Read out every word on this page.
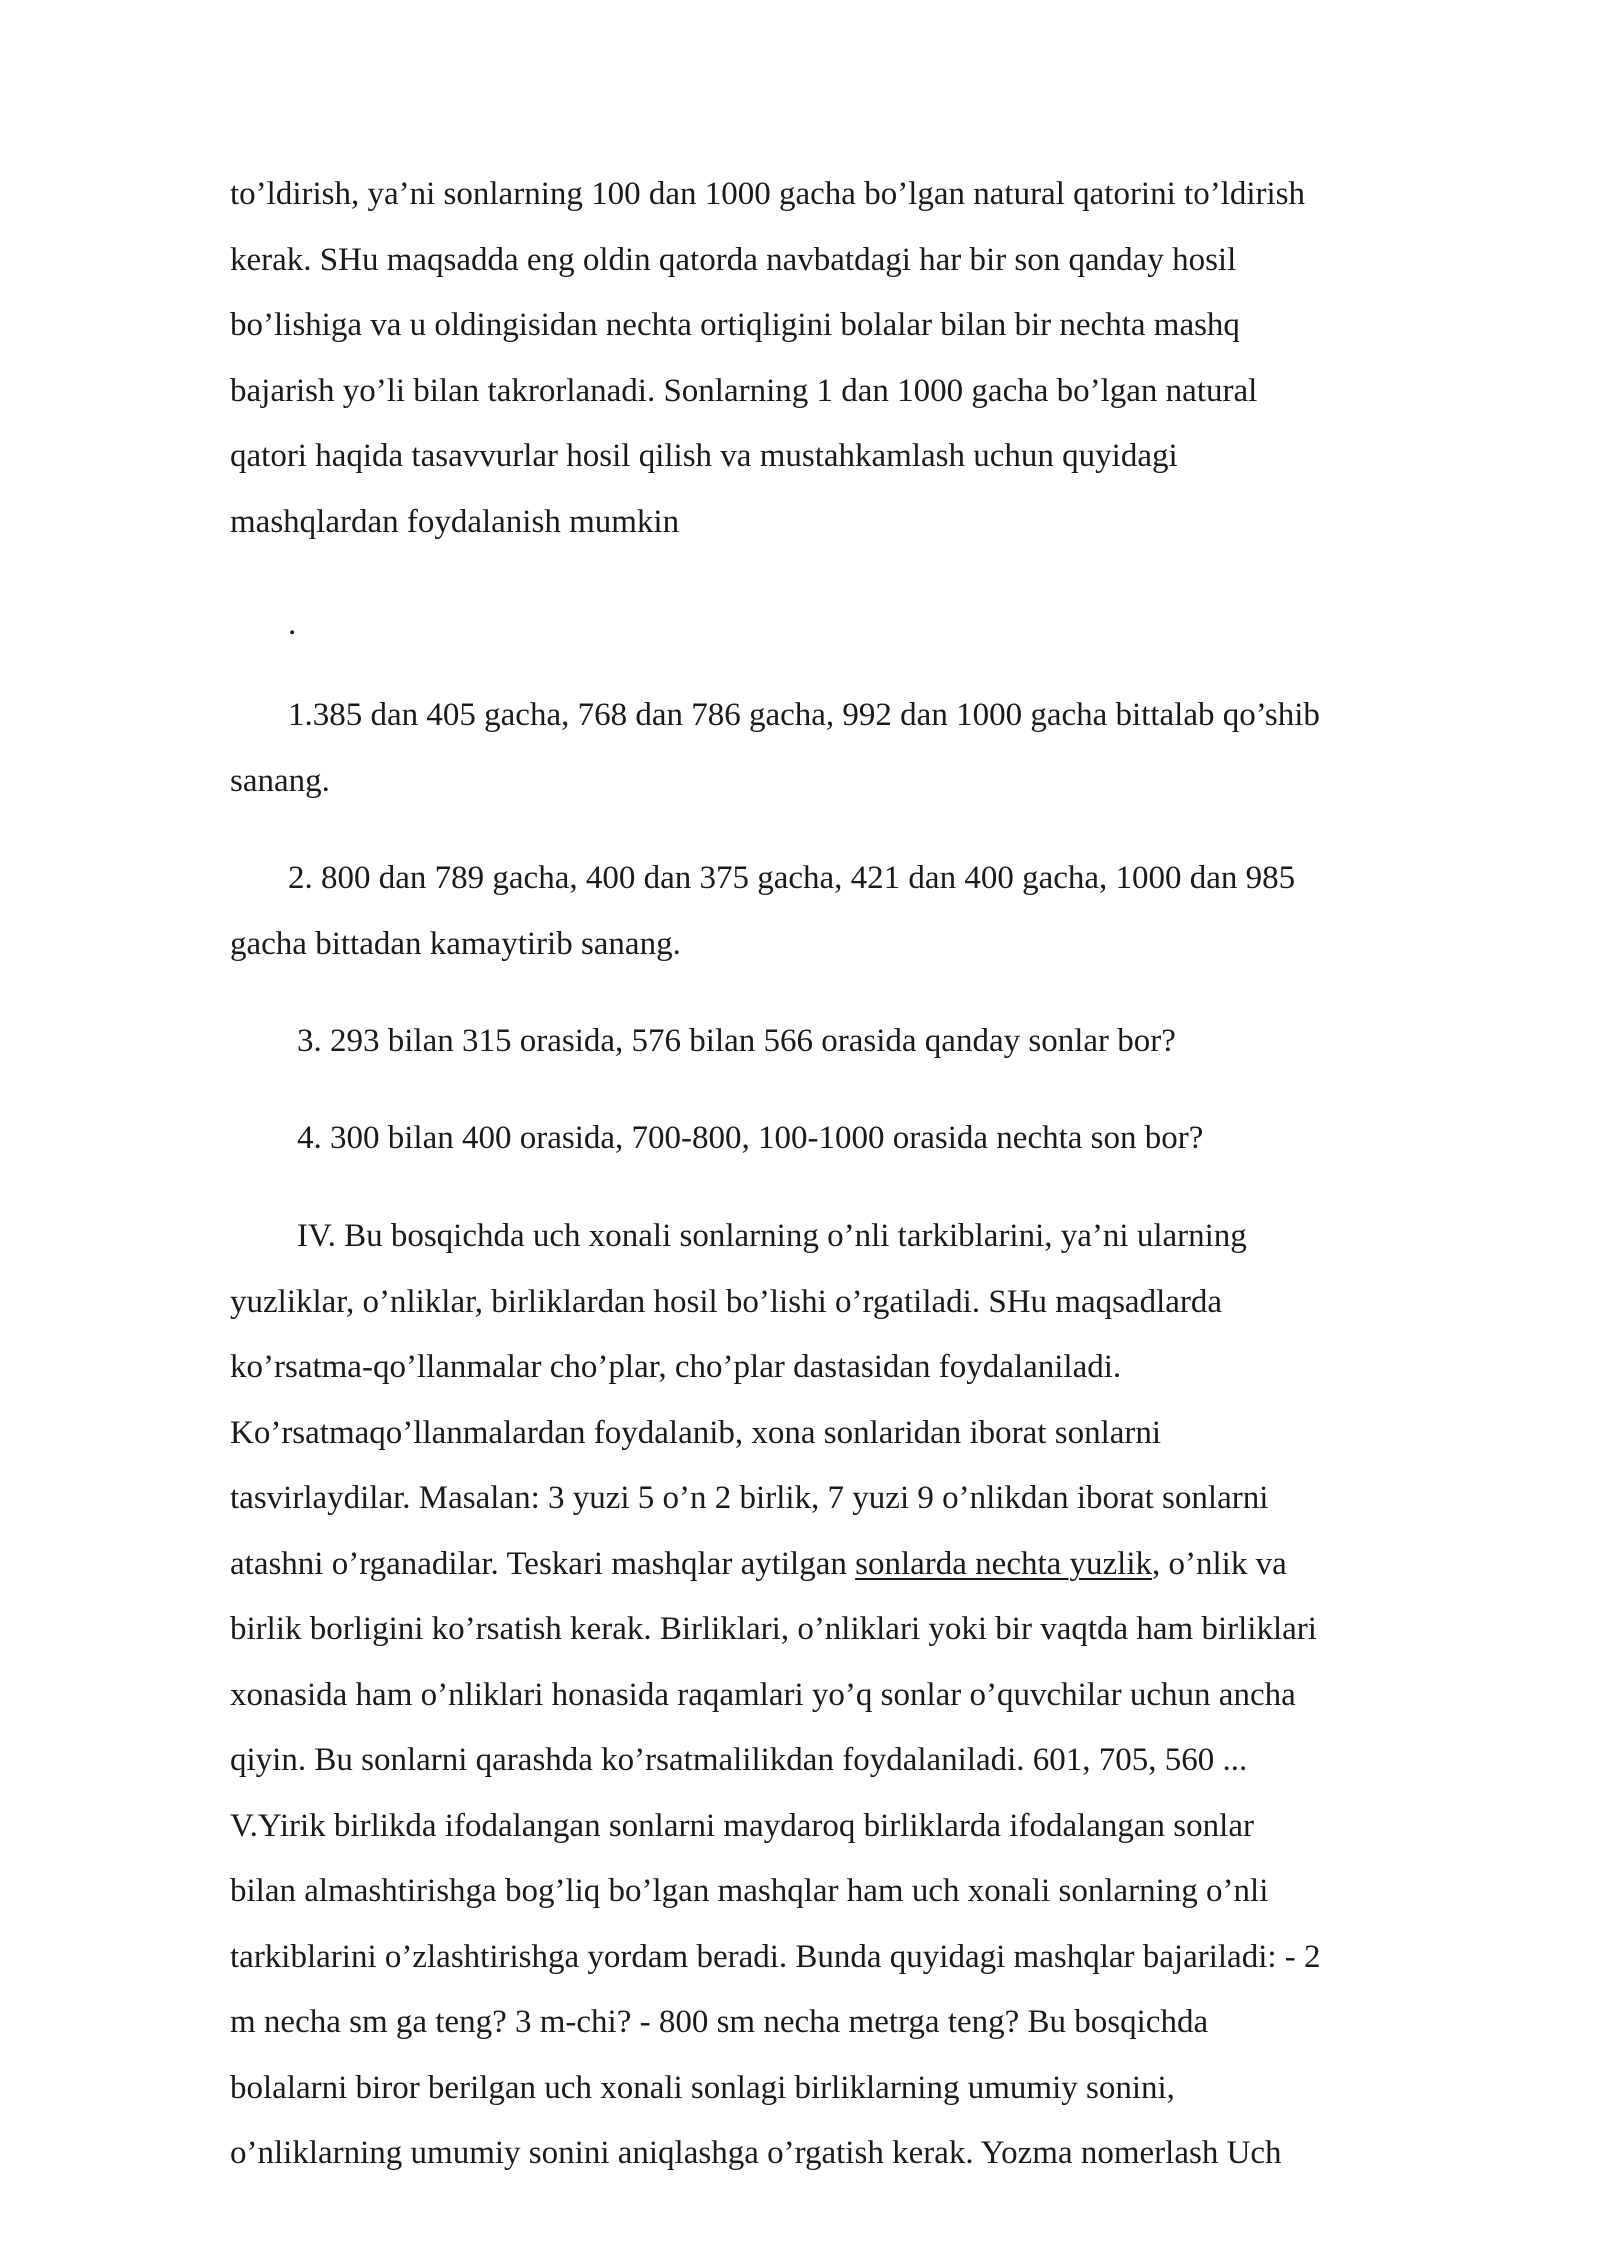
to’ldirish, ya’ni sonlarning 100 dan 1000 gacha bo’lgan natural qatorini to’ldirish
kerak. SHu maqsadda eng oldin qatorda navbatdagi har bir son qanday hosil
bo’lishiga va u oldingisidan nechta ortiqligini bolalar bilan bir nechta mashq
bajarish yo’li bilan takrorlanadi. Sonlarning 1 dan 1000 gacha bo’lgan natural
qatori haqida tasavvurlar hosil qilish va mustahkamlash uchun quyidagi
mashqlardan foydalanish mumkin
.
1.385 dan 405 gacha, 768 dan 786 gacha, 992 dan 1000 gacha bittalab qo’shib
sanang.
2. 800 dan 789 gacha, 400 dan 375 gacha, 421 dan 400 gacha, 1000 dan 985
gacha bittadan kamaytirib sanang.
3. 293 bilan 315 orasida, 576 bilan 566 orasida qanday sonlar bor?
4. 300 bilan 400 orasida, 700-800, 100-1000 orasida nechta son bor?
IV. Bu bosqichda uch xonali sonlarning o’nli tarkiblarini, ya’ni ularning
yuzliklar, o’nliklar, birliklardan hosil bo’lishi o’rgatiladi. SHu maqsadlarda
ko’rsatma-qo’llanmalar cho’plar, cho’plar dastasidan foydalaniladi.
Ko’rsatmaqo’llanmalardan foydalanib, xona sonlaridan iborat sonlarni
tasvirlaydilar. Masalan: 3 yuzi 5 o’n 2 birlik, 7 yuzi 9 o’nlikdan iborat sonlarni
atashni o’rganadilar. Teskari mashqlar aytilgan sonlarda nechta yuzlik, o’nlik va
birlik borligini ko’rsatish kerak. Birliklari, o’nliklari yoki bir vaqtda ham birliklari
xonasida ham o’nliklari honasida raqamlari yo’q sonlar o’quvchilar uchun ancha
qiyin. Bu sonlarni qarashda ko’rsatmalilikdan foydalaniladi. 601, 705, 560 ...
V.Yirik birlikda ifodalangan sonlarni maydaroq birliklarda ifodalangan sonlar
bilan almashtirishga bog’liq bo’lgan mashqlar ham uch xonali sonlarning o’nli
tarkiblarini o’zlashtirishga yordam beradi. Bunda quyidagi mashqlar bajariladi: - 2
m necha sm ga teng? 3 m-chi? - 800 sm necha metrga teng? Bu bosqichda
bolalarni biror berilgan uch xonali sonlagi birliklarning umumiy sonini,
o’nliklarning umumiy sonini aniqlashga o’rgatish kerak. Yozma nomerlash Uch
